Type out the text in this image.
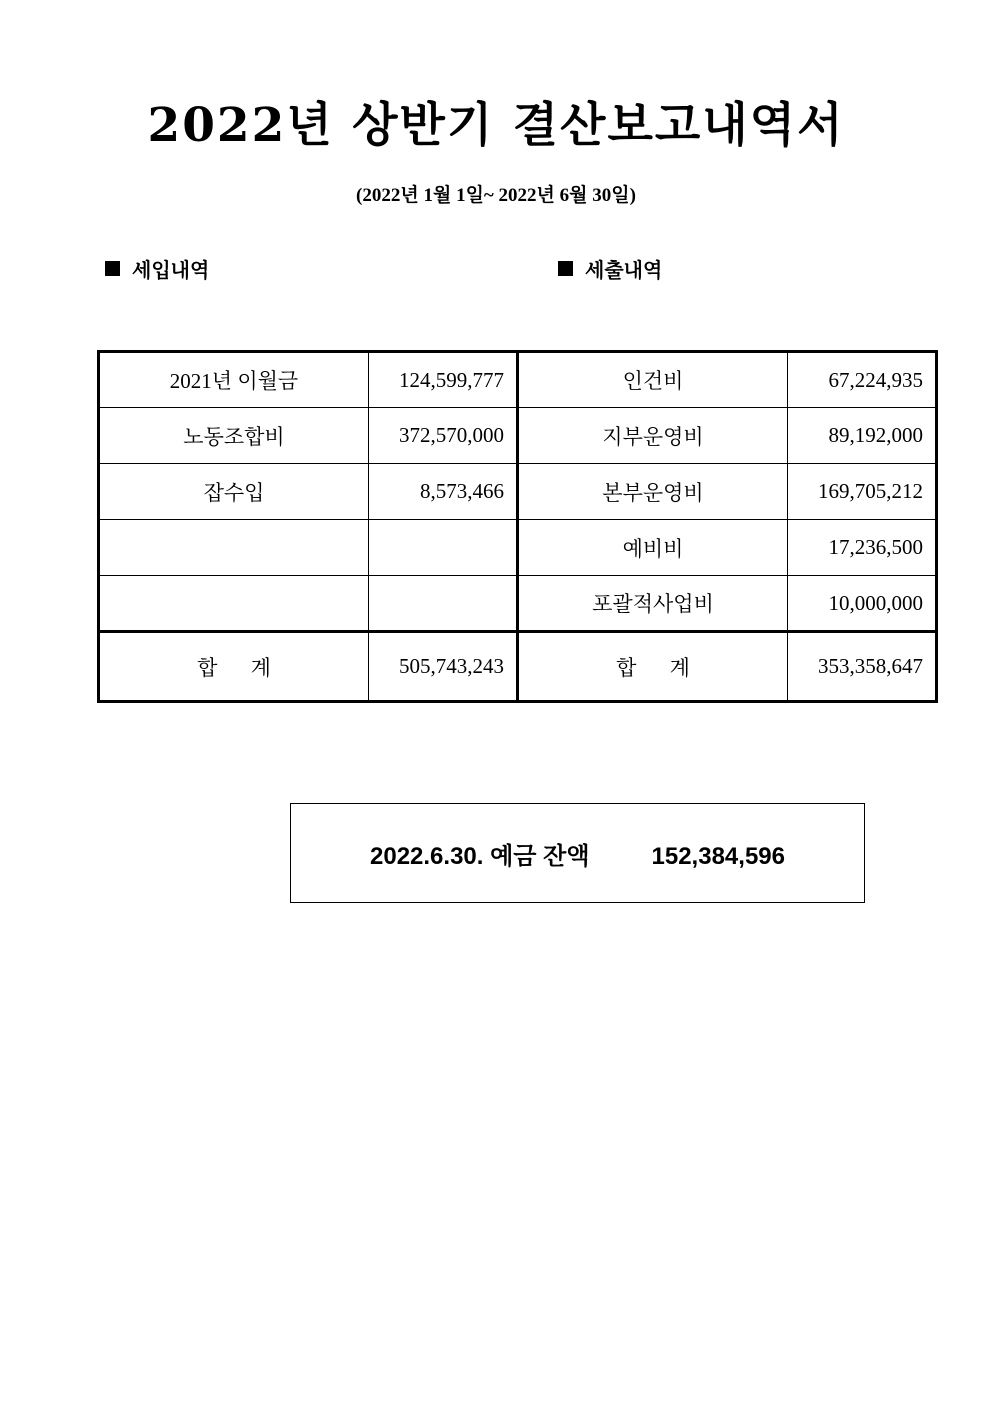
2022년 상반기 결산보고내역서
(2022년 1월 1일~ 2022년 6월 30일)
세입내역	세출내역
2021년 이월금	124,599,777	인건비	67,224,935
노동조합비	372,570,000	지부운영비	89,192,000
잡수입	8,573,466	본부운영비	169,705,212
		예비비	17,236,500
		포괄적사업비	10,000,000
합 계	505,743,243	합 계	353,358,647
2022.6.30. 예금 잔액	152,384,596
